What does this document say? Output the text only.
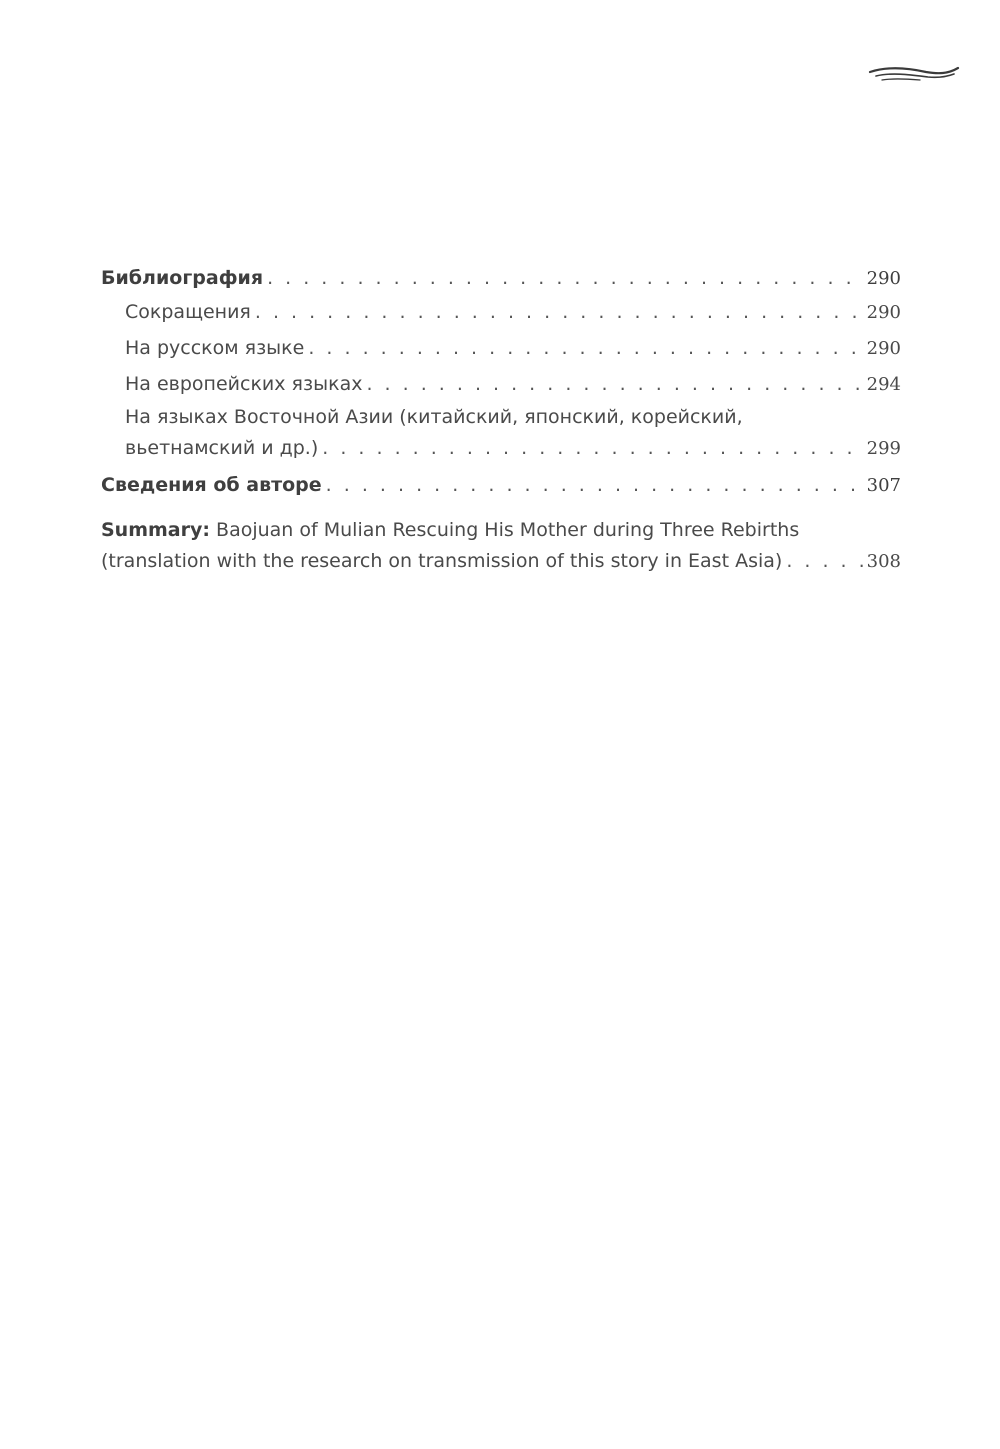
Библиография . . .	290
Сокращения . . .	290
На русском языке . . .	290
На европейских языках . . .	294
На языках Восточной Азии (китайский, японский, корейский,
вьетнамский и др.) . . .	299
Сведения об авторе . . .	307
Summary: Baojuan of Mulian Rescuing His Mother during Three Rebirths
(translation with the research on transmission of this story in East Asia) . . .	308
